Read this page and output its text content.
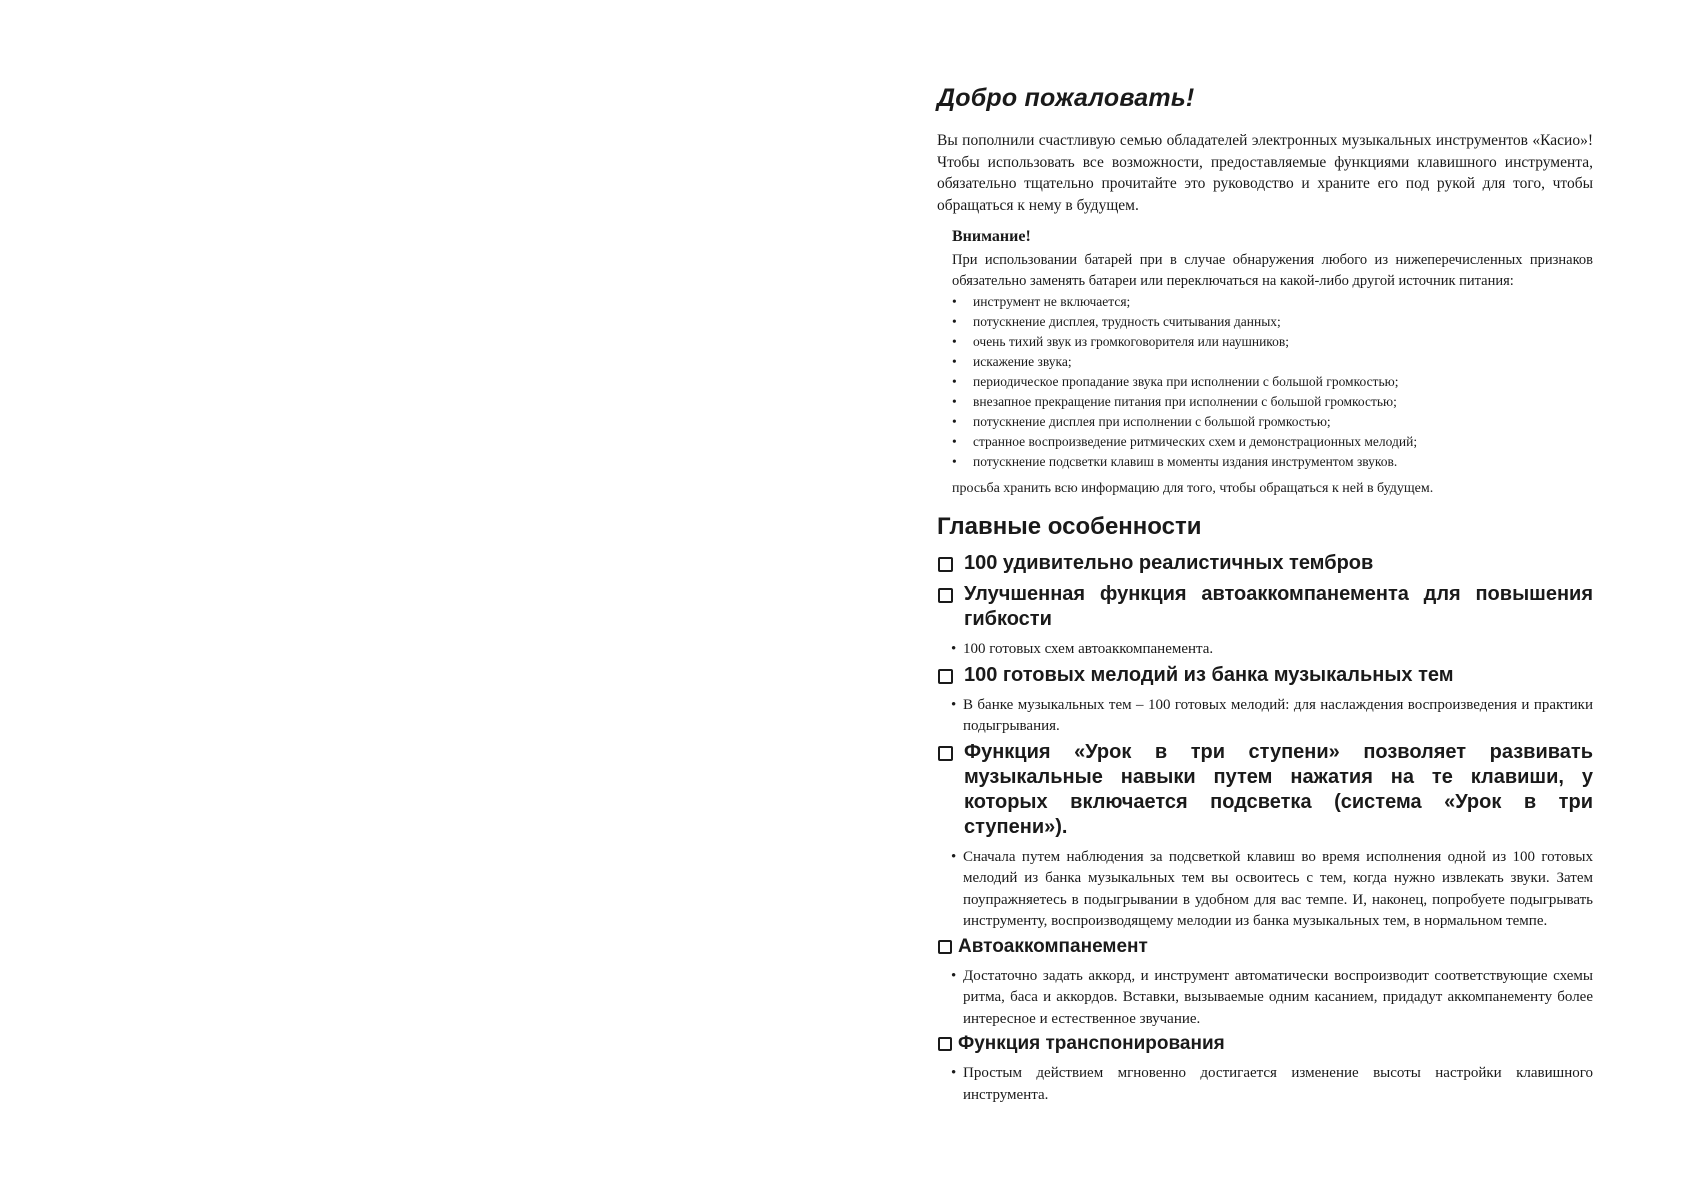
Добро пожаловать!

Вы пополнили счастливую семью обладателей электронных музыкальных инструментов «Касио»! Чтобы использовать все возможности, предоставляемые функциями клавишного инструмента, обязательно тщательно прочитайте это руководство и храните его под рукой для того, чтобы обращаться к нему в будущем.

Внимание!

При использовании батарей при в случае обнаружения любого из нижеперечисленных признаков обязательно заменять батареи или переключаться на какой-либо другой источник питания:

• инструмент не включается;
• потускнение дисплея, трудность считывания данных;
• очень тихий звук из громкоговорителя или наушников;
• искажение звука;
• периодическое пропадание звука при исполнении с большой громкостью;
• внезапное прекращение питания при исполнении с большой громкостью;
• потускнение дисплея при исполнении с большой громкостью;
• странное воспроизведение ритмических схем и демонстрационных мелодий;
• потускнение подсветки клавиш в моменты издания инструментом звуков.

просьба хранить всю информацию для того, чтобы обращаться к ней в будущем.

Главные особенности
100 удивительно реалистичных тембров
Улучшенная функция автоаккомпанемента для повышения гибкости

• 100 готовых схем автоаккомпанемента.

100 готовых мелодий из банка музыкальных тем

• В банке музыкальных тем – 100 готовых мелодий: для наслаждения воспроизведения и практики подыгрывания.

Функция «Урок в три ступени» позволяет развивать музыкальные навыки путем нажатия на те клавиши, у которых включается подсветка (система «Урок в три ступени»).

• Сначала путем наблюдения за подсветкой клавиш во время исполнения одной из 100 готовых мелодий из банка музыкальных тем вы освоитесь с тем, когда нужно извлекать звуки. Затем поупражняетесь в подыгрывании в удобном для вас темпе. И, наконец, попробуете подыгрывать инструменту, воспроизводящему мелодии из банка музыкальных тем, в нормальном темпе.

Автоаккомпанемент

• Достаточно задать аккорд, и инструмент автоматически воспроизводит соответствующие схемы ритма, баса и аккордов. Вставки, вызываемые одним касанием, придадут аккомпанементу более интересное и естественное звучание.

Функция транспонирования

• Простым действием мгновенно достигается изменение высоты настройки клавишного инструмента.
